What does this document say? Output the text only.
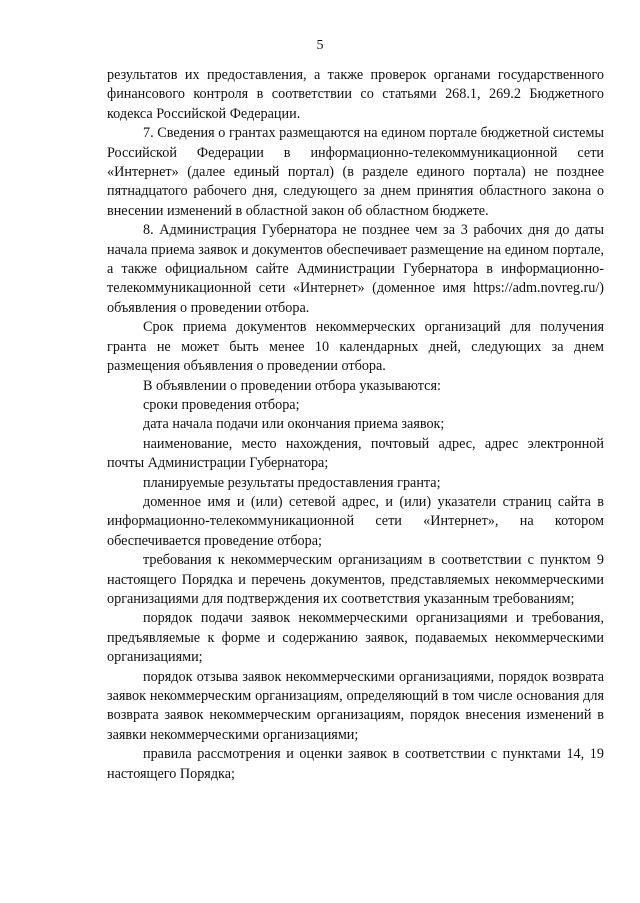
5

результатов их предоставления, а также проверок органами государственного финансового контроля в соответствии со статьями 268.1, 269.2 Бюджетного кодекса Российской Федерации.

7. Сведения о грантах размещаются на едином портале бюджетной системы Российской Федерации в информационно-телекоммуникационной сети «Интернет» (далее единый портал) (в разделе единого портала) не позднее пятнадцатого рабочего дня, следующего за днем принятия областного закона о внесении изменений в областной закон об областном бюджете.

8. Администрация Губернатора не позднее чем за 3 рабочих дня до даты начала приема заявок и документов обеспечивает размещение на едином портале, а также официальном сайте Администрации Губернатора в информационно-телекоммуникационной сети «Интернет» (доменное имя https://adm.novreg.ru/) объявления о проведении отбора.

Срок приема документов некоммерческих организаций для получения гранта не может быть менее 10 календарных дней, следующих за днем размещения объявления о проведении отбора.

В объявлении о проведении отбора указываются:

сроки проведения отбора;

дата начала подачи или окончания приема заявок;

наименование, место нахождения, почтовый адрес, адрес электронной почты Администрации Губернатора;

планируемые результаты предоставления гранта;

доменное имя и (или) сетевой адрес, и (или) указатели страниц сайта в информационно-телекоммуникационной сети «Интернет», на котором обеспечивается проведение отбора;

требования к некоммерческим организациям в соответствии с пунктом 9 настоящего Порядка и перечень документов, представляемых некоммерческими организациями для подтверждения их соответствия указанным требованиям;

порядок подачи заявок некоммерческими организациями и требования, предъявляемые к форме и содержанию заявок, подаваемых некоммерческими организациями;

порядок отзыва заявок некоммерческими организациями, порядок возврата заявок некоммерческим организациям, определяющий в том числе основания для возврата заявок некоммерческим организациям, порядок внесения изменений в заявки некоммерческими организациями;

правила рассмотрения и оценки заявок в соответствии с пунктами 14, 19 настоящего Порядка;
